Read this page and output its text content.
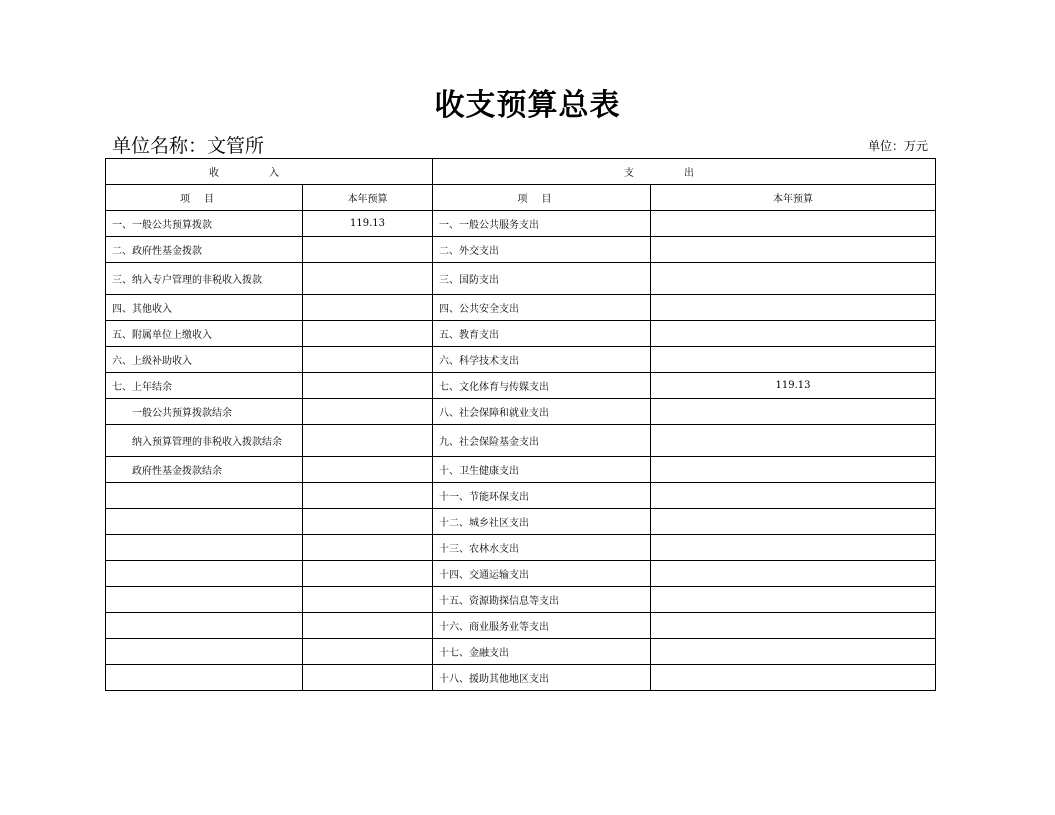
收支预算总表
单位名称：文管所	单位：万元
收入		支出	
项目	本年预算	项目	本年预算
一、一般公共预算拨款	119.13	一、一般公共服务支出	
二、政府性基金拨款		二、外交支出	
三、纳入专户管理的非税收入拨款		三、国防支出	
四、其他收入		四、公共安全支出	
五、附属单位上缴收入		五、教育支出	
六、上级补助收入		六、科学技术支出	
七、上年结余		七、文化体育与传媒支出	119.13
一般公共预算拨款结余		八、社会保障和就业支出	
纳入预算管理的非税收入拨款结余		九、社会保险基金支出	
政府性基金拨款结余		十、卫生健康支出	
		十一、节能环保支出	
		十二、城乡社区支出	
		十三、农林水支出	
		十四、交通运输支出	
		十五、资源勘探信息等支出	
		十六、商业服务业等支出	
		十七、金融支出	
		十八、援助其他地区支出	
